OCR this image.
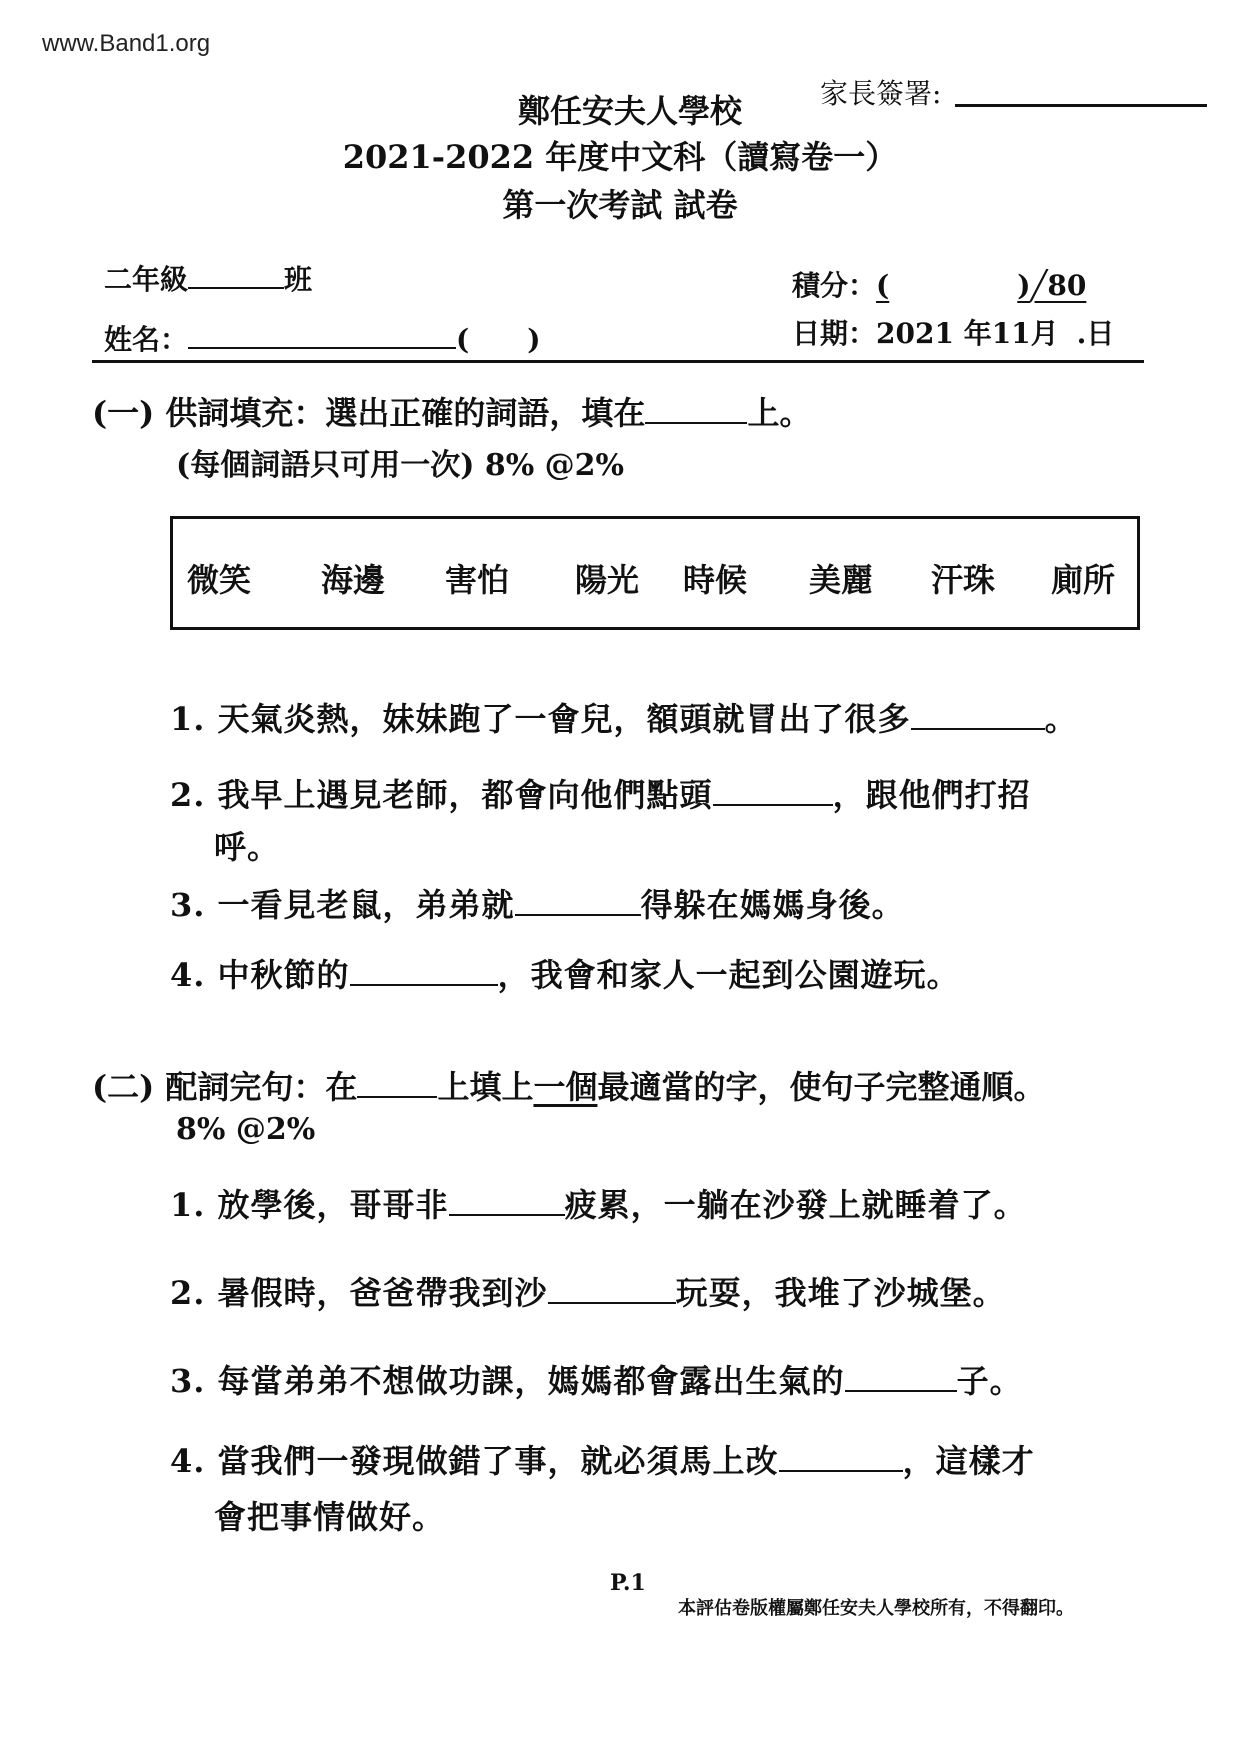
www.Band1.org
家長簽署:
鄭任安夫人學校
2021-2022 年度中文科（讀寫卷一）
第一次考試 試卷
二年級	班
姓名：	( )
積分：(	)╱80
日期：2021 年11月 .日
(一) 供詞填充：選出正確的詞語，填在	上。
(每個詞語只可用一次) 8% @2%
微笑 海邊 害怕 陽光 時候 美麗 汗珠 廁所
1. 天氣炎熱，妹妹跑了一會兒，額頭就冒出了很多	。
2. 我早上遇見老師，都會向他們點頭	，跟他們打招
呼。
3. 一看見老鼠，弟弟就	得躲在媽媽身後。
4. 中秋節的	，我會和家人一起到公園遊玩。
(二) 配詞完句：在	上填上一個最適當的字，使句子完整通順。
8% @2%
1. 放學後，哥哥非	疲累，一躺在沙發上就睡着了。
2. 暑假時，爸爸帶我到沙	玩耍，我堆了沙城堡。
3. 每當弟弟不想做功課，媽媽都會露出生氣的	子。
4. 當我們一發現做錯了事，就必須馬上改	，這樣才
會把事情做好。
P.1
本評估卷版權屬鄭任安夫人學校所有，不得翻印。
